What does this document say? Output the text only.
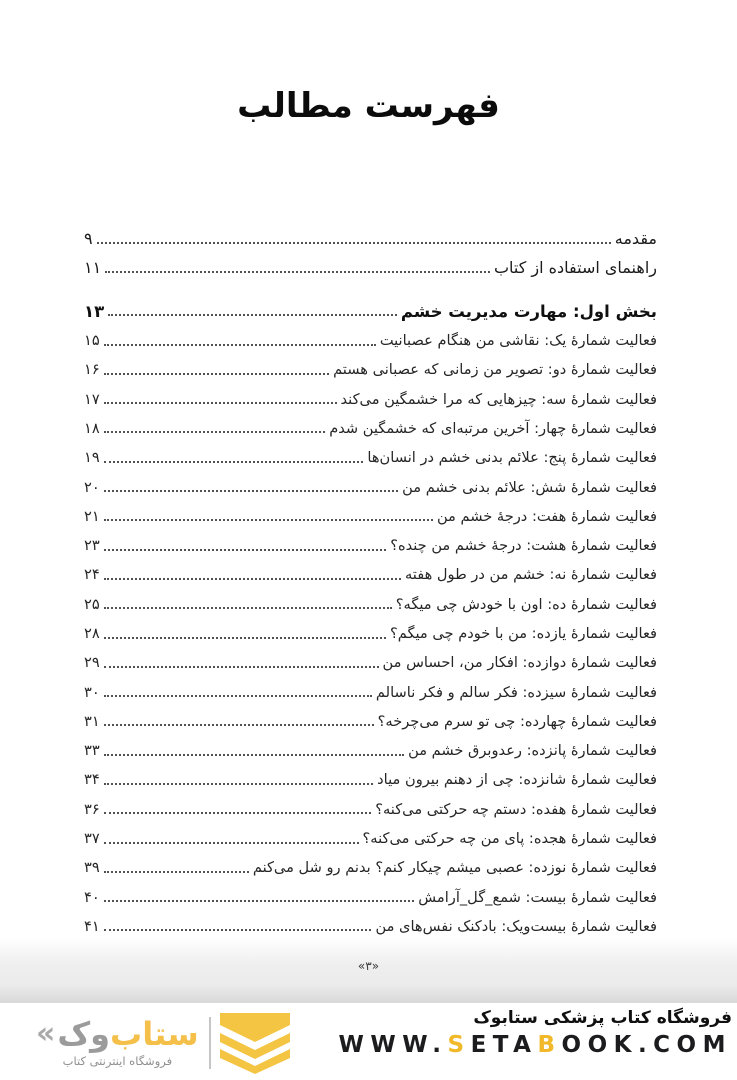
فهرست مطالب
مقدمه
۹
راهنمای استفاده از کتاب
۱۱
بخش اول: مهارت مدیریت خشم
۱۳
فعالیت شمارۀ یک: نقاشی من هنگام عصبانیت
۱۵
فعالیت شمارۀ دو: تصویر من زمانی که عصبانی هستم
۱۶
فعالیت شمارۀ سه: چیزهایی که مرا خشمگین می‌کند
۱۷
فعالیت شمارۀ چهار: آخرین مرتبه‌ای که خشمگین شدم
۱۸
فعالیت شمارۀ پنج: علائم بدنی خشم در انسان‌ها
۱۹
فعالیت شمارۀ شش: علائم بدنی خشم من
۲۰
فعالیت شمارۀ هفت: درجۀ خشم من
۲۱
فعالیت شمارۀ هشت: درجۀ خشم من چنده؟
۲۳
فعالیت شمارۀ نه: خشم من در طول هفته
۲۴
فعالیت شمارۀ ده: اون با خودش چی میگه؟
۲۵
فعالیت شمارۀ یازده: من با خودم چی میگم؟
۲۸
فعالیت شمارۀ دوازده: افکار من، احساس من
۲۹
فعالیت شمارۀ سیزده: فکر سالم و فکر ناسالم
۳۰
فعالیت شمارۀ چهارده: چی تو سرم می‌چرخه؟
۳۱
فعالیت شمارۀ پانزده: رعدوبرق خشم من
۳۳
فعالیت شمارۀ شانزده: چی از دهنم بیرون میاد
۳۴
فعالیت شمارۀ هفده: دستم چه حرکتی می‌کنه؟
۳۶
فعالیت شمارۀ هجده: پای من چه حرکتی می‌کنه؟
۳۷
فعالیت شمارۀ نوزده: عصبی میشم چیکار کنم؟ بدنم رو شل می‌کنم
۳۹
فعالیت شمارۀ بیست: شمع_گل_آرامش
۴۰
فعالیت شمارۀ بیست‌ویک: بادکنک نفس‌های من
۴۱
«۳»
« وک ستاب
فروشگاه اینترنتی کتاب
فروشگاه کتاب پزشکی ستابوک
WWW.SETABOOK.COM
